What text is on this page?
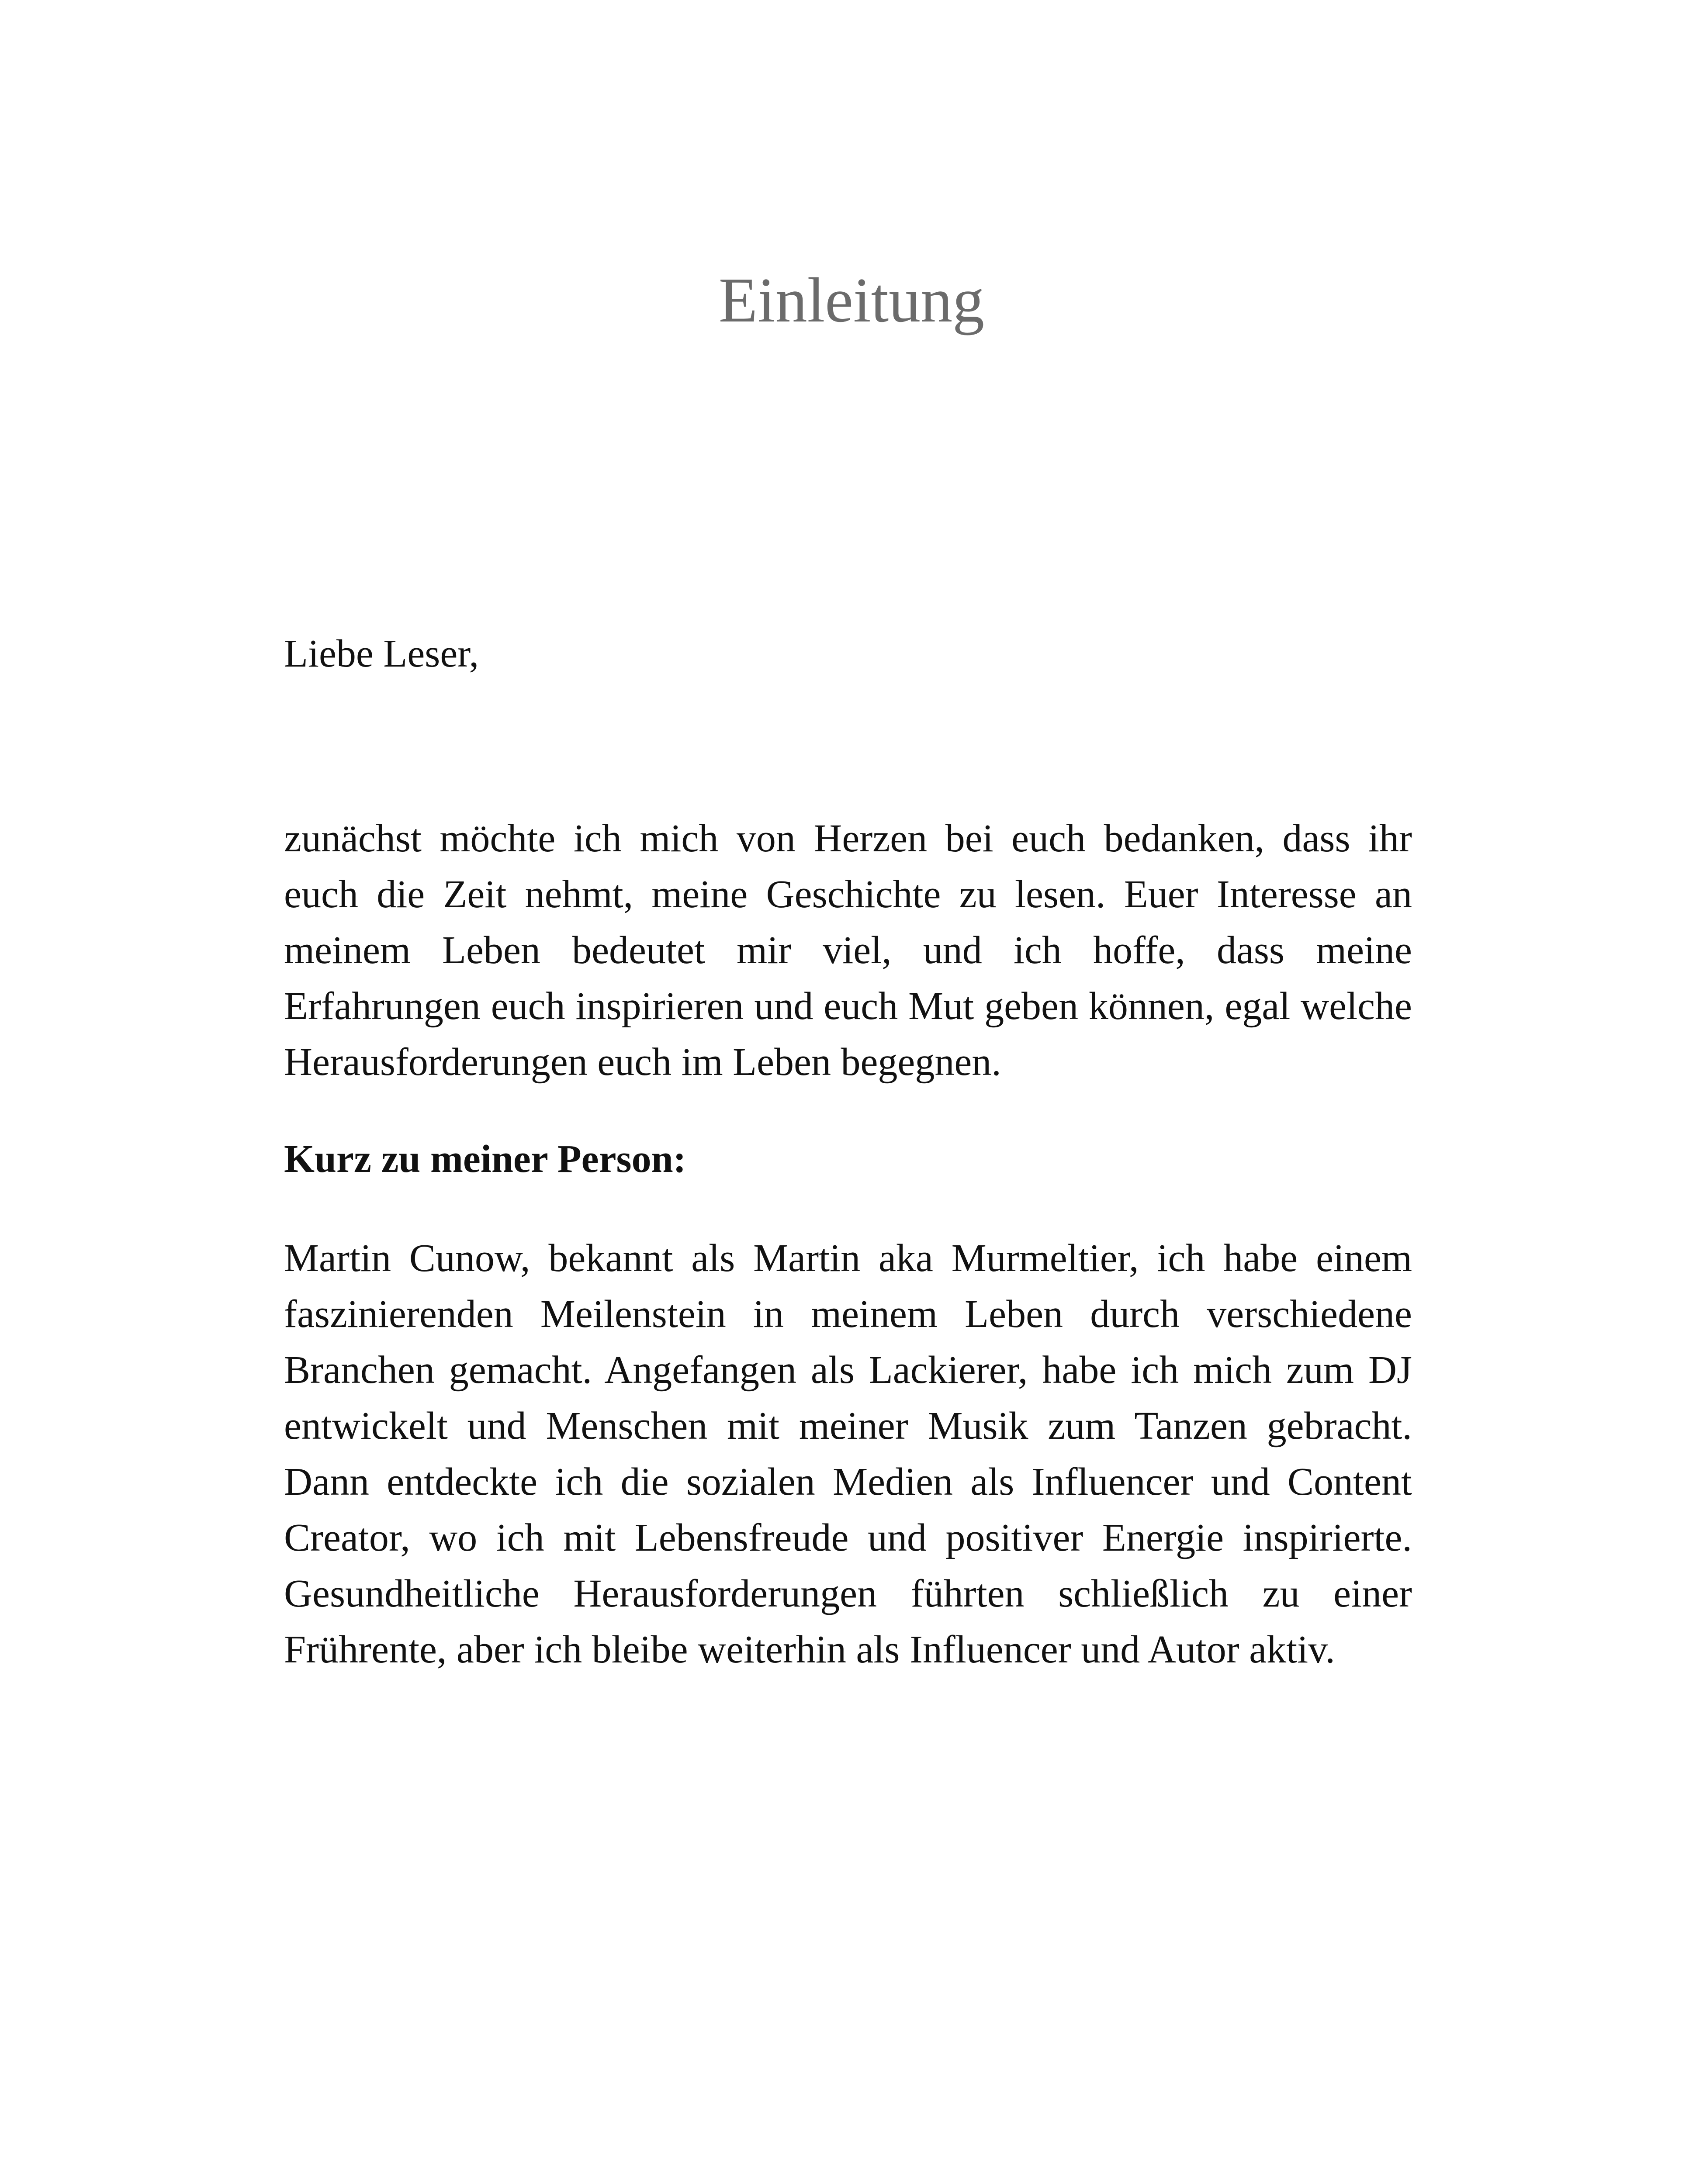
Einleitung

Liebe Leser,

zunächst möchte ich mich von Herzen bei euch bedanken, dass ihr euch die Zeit nehmt, meine Geschichte zu lesen. Euer Interesse an meinem Leben bedeutet mir viel, und ich hoffe, dass meine Erfahrungen euch inspirieren und euch Mut geben können, egal welche Herausforderungen euch im Leben begegnen.

Kurz zu meiner Person:

Martin Cunow, bekannt als Martin aka Murmeltier, ich habe einem faszinierenden Meilenstein in meinem Leben durch verschiedene Branchen gemacht. Angefangen als Lackierer, habe ich mich zum DJ entwickelt und Menschen mit meiner Musik zum Tanzen gebracht. Dann entdeckte ich die sozialen Medien als Influencer und Content Creator, wo ich mit Lebensfreude und positiver Energie inspirierte. Gesundheitliche Herausforderungen führten schließlich zu einer Frührente, aber ich bleibe weiterhin als Influencer und Autor aktiv.
